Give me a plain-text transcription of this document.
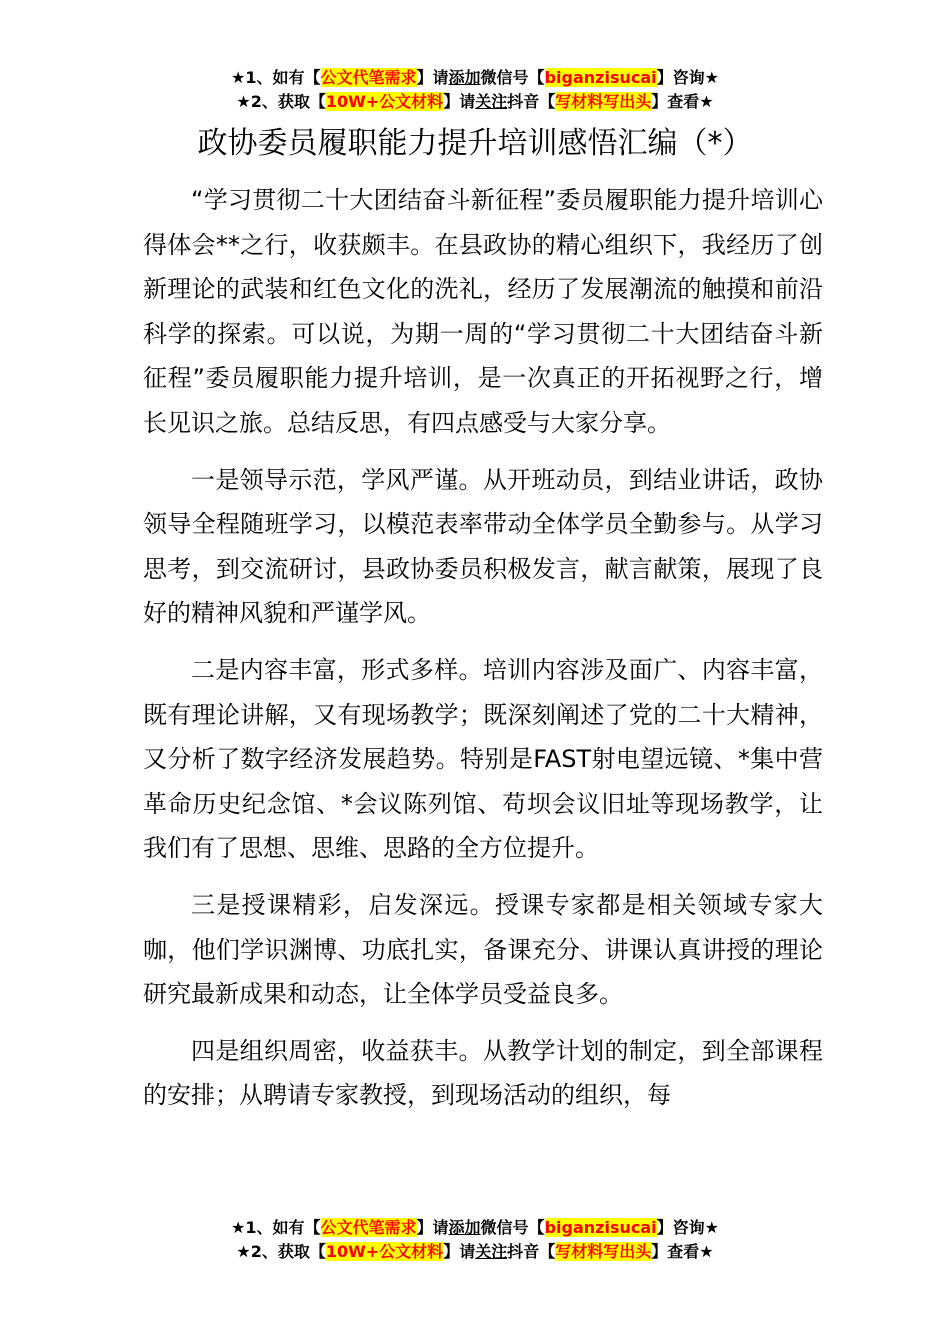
★1、如有【公文代笔需求】请添加微信号【biganzisucai】咨询★
★2、获取【10W+公文材料】请关注抖音【写材料写出头】查看★
政协委员履职能力提升培训感悟汇编（*）

“学习贯彻二十大团结奋斗新征程”委员履职能力提升培训心得体会**之行，收获颇丰。在县政协的精心组织下，我经历了创新理论的武装和红色文化的洗礼，经历了发展潮流的触摸和前沿科学的探索。可以说，为期一周的“学习贯彻二十大团结奋斗新征程”委员履职能力提升培训，是一次真正的开拓视野之行，增长见识之旅。总结反思，有四点感受与大家分享。

一是领导示范，学风严谨。从开班动员，到结业讲话，政协领导全程随班学习，以模范表率带动全体学员全勤参与。从学习思考，到交流研讨，县政协委员积极发言，献言献策，展现了良好的精神风貌和严谨学风。

二是内容丰富，形式多样。培训内容涉及面广、内容丰富，既有理论讲解，又有现场教学；既深刻阐述了党的二十大精神，又分析了数字经济发展趋势。特别是FAST射电望远镜、*集中营革命历史纪念馆、*会议陈列馆、苟坝会议旧址等现场教学，让我们有了思想、思维、思路的全方位提升。

三是授课精彩，启发深远。授课专家都是相关领域专家大咖，他们学识渊博、功底扎实，备课充分、讲课认真讲授的理论研究最新成果和动态，让全体学员受益良多。

四是组织周密，收益获丰。从教学计划的制定，到全部课程的安排；从聘请专家教授，到现场活动的组织，每

★1、如有【公文代笔需求】请添加微信号【biganzisucai】咨询★
★2、获取【10W+公文材料】请关注抖音【写材料写出头】查看★
